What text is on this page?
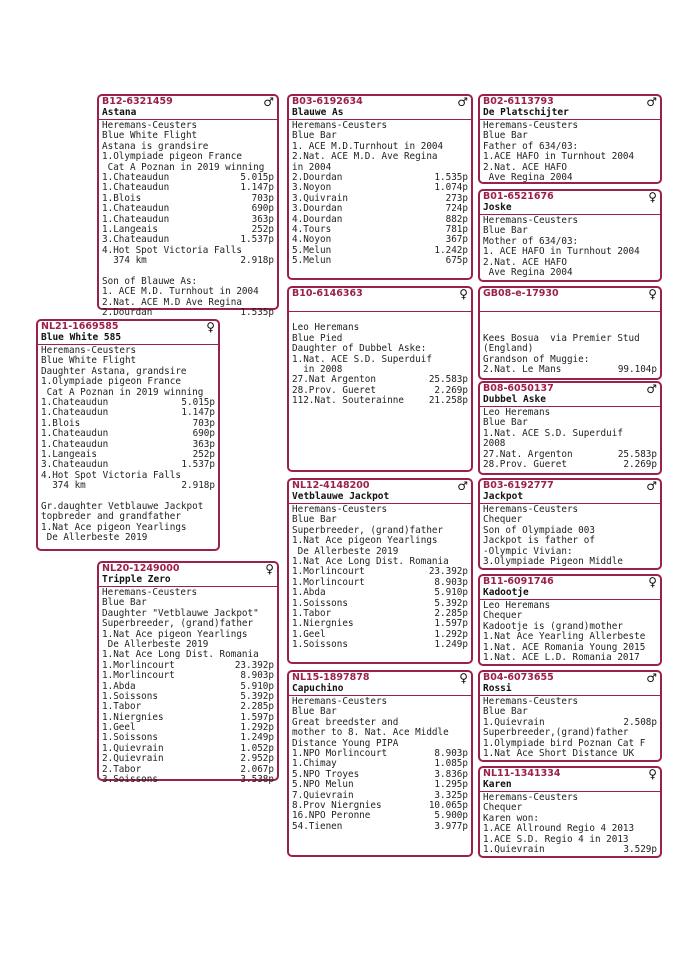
B12-6321459
Astana
♂
Heremans-Ceusters
Blue White Flight
Astana is grandsire
1.Olympiade pigeon France
Cat A Poznan in 2019 winning
1.Chateaudun	5.015p
1.Chateaudun	1.147p
1.Blois	703p
1.Chateaudun	690p
1.Chateaudun	363p
1.Langeais	252p
3.Chateaudun	1.537p
4.Hot Spot Victoria Falls
374 km	2.918p
Son of Blauwe As:
1. ACE M.D. Turnhout in 2004
2.Nat. ACE M.D Ave Regina
2.Dourdan	1.535p
B03-6192634
Blauwe As
♂
Heremans-Ceusters
Blue Bar
1. ACE M.D.Turnhout in 2004
2.Nat. ACE M.D. Ave Regina
in 2004
2.Dourdan	1.535p
3.Noyon	1.074p
3.Quivrain	273p
3.Dourdan	724p
4.Dourdan	882p
4.Tours	781p
4.Noyon	367p
5.Melun	1.242p
5.Melun	675p
B02-6113793
De Platschijter
♂
Heremans-Ceusters
Blue Bar
Father of 634/03:
1.ACE HAFO in Turnhout 2004
2.Nat. ACE HAFO
Ave Regina 2004
B01-6521676
Joske
♀
Heremans-Ceusters
Blue Bar
Mother of 634/03:
1. ACE HAFO in Turnhout 2004
2.Nat. ACE HAFO
Ave Regina 2004
B10-6146363	♀
Leo Heremans
Blue Pied
Daughter of Dubbel Aske:
1.Nat. ACE S.D. Superduif
in 2008
27.Nat Argenton	25.583p
28.Prov. Gueret	2.269p
112.Nat. Souterainne	21.258p
GB08-e-17930	♀
Kees Bosua  via Premier Stud
(England)
Grandson of Muggie:
2.Nat. Le Mans	99.104p
NL21-1669585
Blue White 585
♀
Heremans-Ceusters
Blue White Flight
Daughter Astana, grandsire
1.Olympiade pigeon France
Cat A Poznan in 2019 winning
1.Chateaudun	5.015p
1.Chateaudun	1.147p
1.Blois	703p
1.Chateaudun	690p
1.Chateaudun	363p
1.Langeais	252p
3.Chateaudun	1.537p
4.Hot Spot Victoria Falls
374 km	2.918p
Gr.daughter Vetblauwe Jackpot
topbreder and grandfather
1.Nat Ace pigeon Yearlings
De Allerbeste 2019
B08-6050137
Dubbel Aske
♂
Leo Heremans
Blue Bar
1.Nat. ACE S.D. Superduif
2008
27.Nat. Argenton	25.583p
28.Prov. Gueret	2.269p
NL12-4148200
Vetblauwe Jackpot
♂
Heremans-Ceusters
Blue Bar
Superbreeder, (grand)father
1.Nat Ace pigeon Yearlings
De Allerbeste 2019
1.Nat Ace Long Dist. Romania
1.Morlincourt	23.392p
1.Morlincourt	8.903p
1.Abda	5.910p
1.Soissons	5.392p
1.Tabor	2.285p
1.Niergnies	1.597p
1.Geel	1.292p
1.Soissons	1.249p
B03-6192777
Jackpot
♂
Heremans-Ceusters
Chequer
Son of Olympiade 003
Jackpot is father of
-Olympic Vivian:
3.Olympiade Pigeon Middle
NL20-1249000
Tripple Zero
♀
Heremans-Ceusters
Blue Bar
Daughter "Vetblauwe Jackpot"
Superbreeder, (grand)father
1.Nat Ace pigeon Yearlings
De Allerbeste 2019
1.Nat Ace Long Dist. Romania
1.Morlincourt	23.392p
1.Morlincourt	8.903p
1.Abda	5.910p
1.Soissons	5.392p
1.Tabor	2.285p
1.Niergnies	1.597p
1.Geel	1.292p
1.Soissons	1.249p
1.Quievrain	1.052p
2.Quievrain	2.952p
2.Tabor	2.067p
3.Soissons	3.538p
B11-6091746
Kadootje
♀
Leo Heremans
Chequer
Kadootje is (grand)mother
1.Nat Ace Yearling Allerbeste
1.Nat. ACE Romania Young 2015
1.Nat. ACE L.D. Romania 2017
NL15-1897878
Capuchino
♀
Heremans-Ceusters
Blue Bar
Great breedster and
mother to 8. Nat. Ace Middle
Distance Young PIPA
1.NPO Morlincourt	8.903p
1.Chimay	1.085p
5.NPO Troyes	3.836p
5.NPO Melun	1.295p
7.Quievrain	3.325p
8.Prov Niergnies	10.065p
16.NPO Peronne	5.900p
54.Tienen	3.977p
B04-6073655
Rossi
♂
Heremans-Ceusters
Blue Bar
1.Quievrain	2.508p
Superbreeder,(grand)father
1.Olympiade bird Poznan Cat F
1.Nat Ace Short Distance UK
NL11-1341334
Karen
♀
Heremans-Ceusters
Chequer
Karen won:
1.ACE Allround Regio 4 2013
1.ACE S.D. Regio 4 in 2013
1.Quievrain	3.529p
